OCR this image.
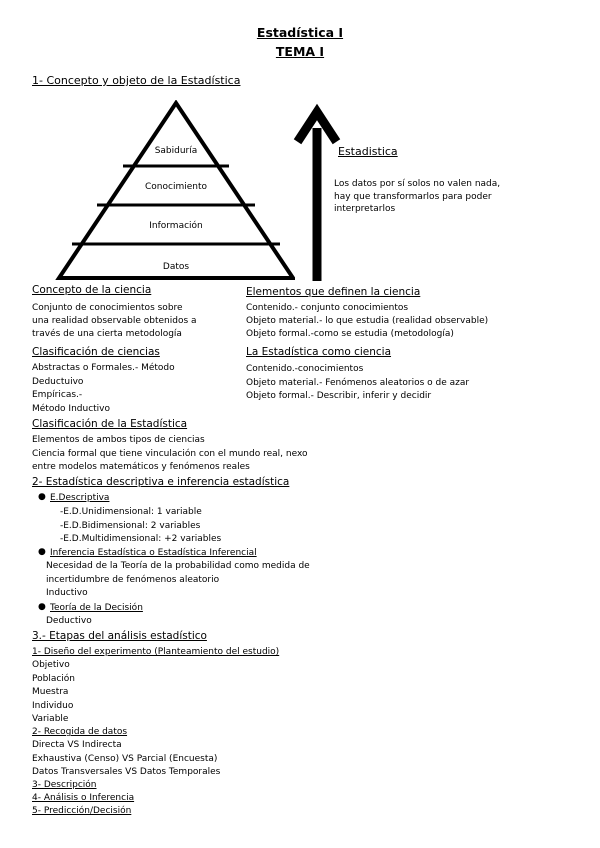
Estadística I
TEMA I
1- Concepto y objeto de la Estadística
Sabiduría
Conocimiento
Información
Datos
Estadistica
Los datos por sí solos no valen nada,
hay que transformarlos para poder
interpretarlos
Concepto de la ciencia
Conjunto de conocimientos sobre
una realidad observable obtenidos a
través de una cierta metodología
Elementos que definen la ciencia
Contenido.- conjunto conocimientos
Objeto material.- lo que estudia (realidad observable)
Objeto formal.-como se estudia (metodología)
Clasificación de ciencias
Abstractas o Formales.- Método
Deductuivo
Empíricas.-
Método Inductivo
La Estadística como ciencia
Contenido.-conocimientos
Objeto material.- Fenómenos aleatorios o de azar
Objeto formal.- Describir, inferir y decidir
Clasificación de la Estadística
Elementos de ambos tipos de ciencias
Ciencia formal que tiene vinculación con el mundo real, nexo
entre modelos matemáticos y fenómenos reales
2- Estadística descriptiva e inferencia estadística
● E.Descriptiva
-E.D.Unidimensional: 1 variable
-E.D.Bidimensional: 2 variables
-E.D.Multidimensional: +2 variables
● Inferencia Estadística o Estadística Inferencial
Necesidad de la Teoría de la probabilidad como medida de
incertidumbre de fenómenos aleatorio
Inductivo
● Teoría de la Decisión
Deductivo
3.- Etapas del análisis estadístico
1- Diseño del experimento (Planteamiento del estudio)
Objetivo
Población
Muestra
Individuo
Variable
2- Recogida de datos
Directa VS Indirecta
Exhaustiva (Censo) VS Parcial (Encuesta)
Datos Transversales VS Datos Temporales
3- Descripción
4- Análisis o Inferencia
5- Predicción/Decisión
